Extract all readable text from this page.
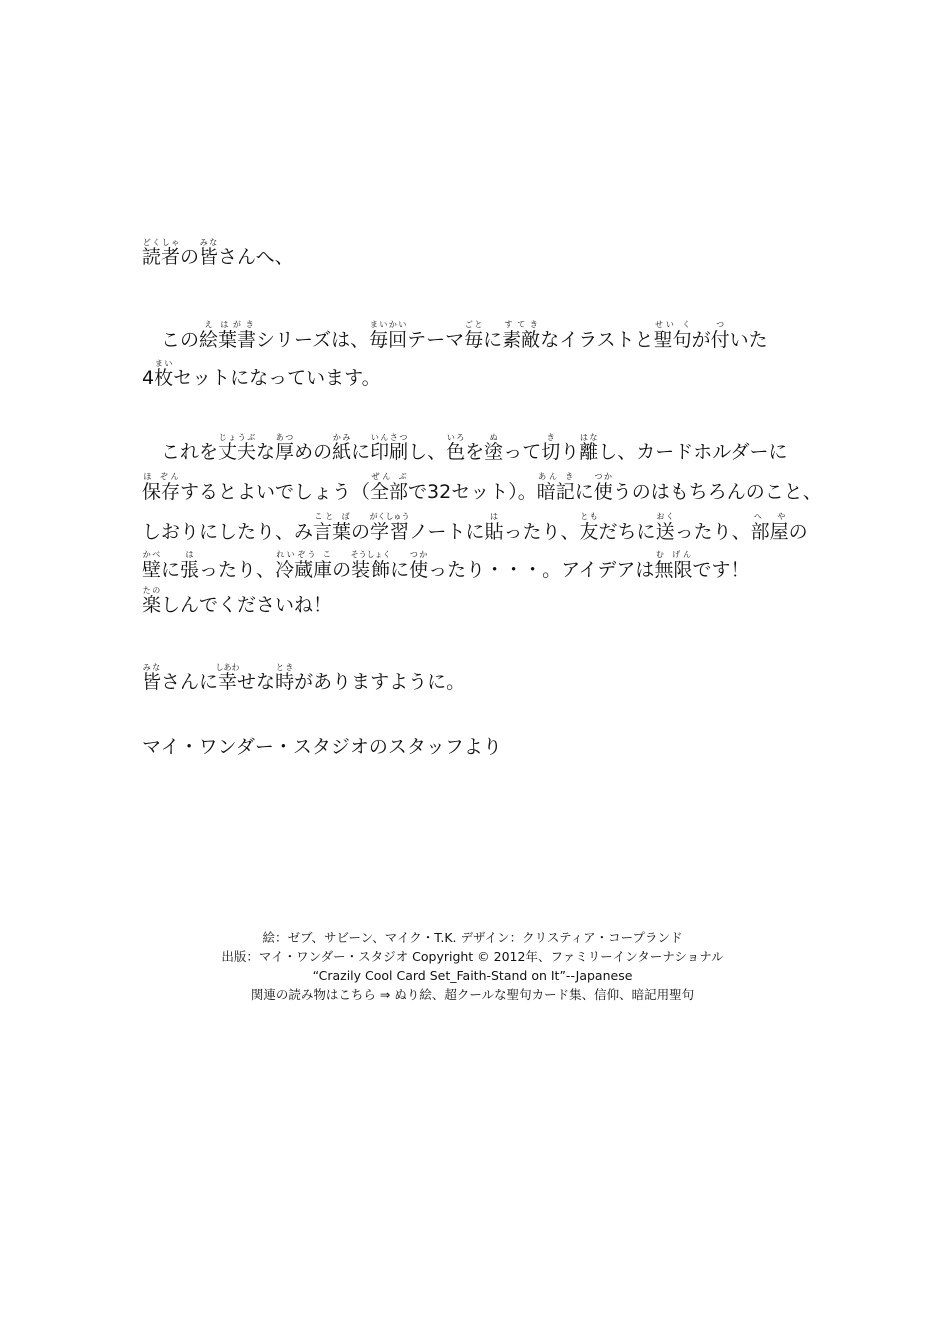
読者どくしゃの皆みなさんへ、
この絵え葉書はがきシリーズは、毎回まいかいテーマ毎ごとに素敵すてきなイラストと聖句せい くが付ついた
4枚まいセットになっています。
これを丈夫じょうぶな厚あつめの紙かみに印刷いんさつし、色いろを塗ぬって切きり離はなし、カードホルダーに
保存ほ ぞんするとよいでしょう（全部ぜん ぶで32セット）。暗記あん きに使つかうのはもちろんのこと、
しおりにしたり、み言葉こと ばの学習がくしゅうノートに貼はったり、友ともだちに送おくったり、部屋へ やの
壁かべに張はったり、冷蔵庫れいぞう この装飾そうしょくに使つかったり・・・。アイデアは無限む げんです！
楽たのしんでくださいね！
皆みなさんに幸しあわせな時ときがありますように。
マイ・ワンダー・スタジオのスタッフより
絵：ゼブ、サビーン、マイク・T.K. デザイン：クリスティア・コープランド
出版：マイ・ワンダー・スタジオ Copyright © 2012年、ファミリーインターナショナル
“Crazily Cool Card Set_Faith-Stand on It”--Japanese
関連の読み物はこちら ⇒ ぬり絵、超クールな聖句カード集、信仰、暗記用聖句
